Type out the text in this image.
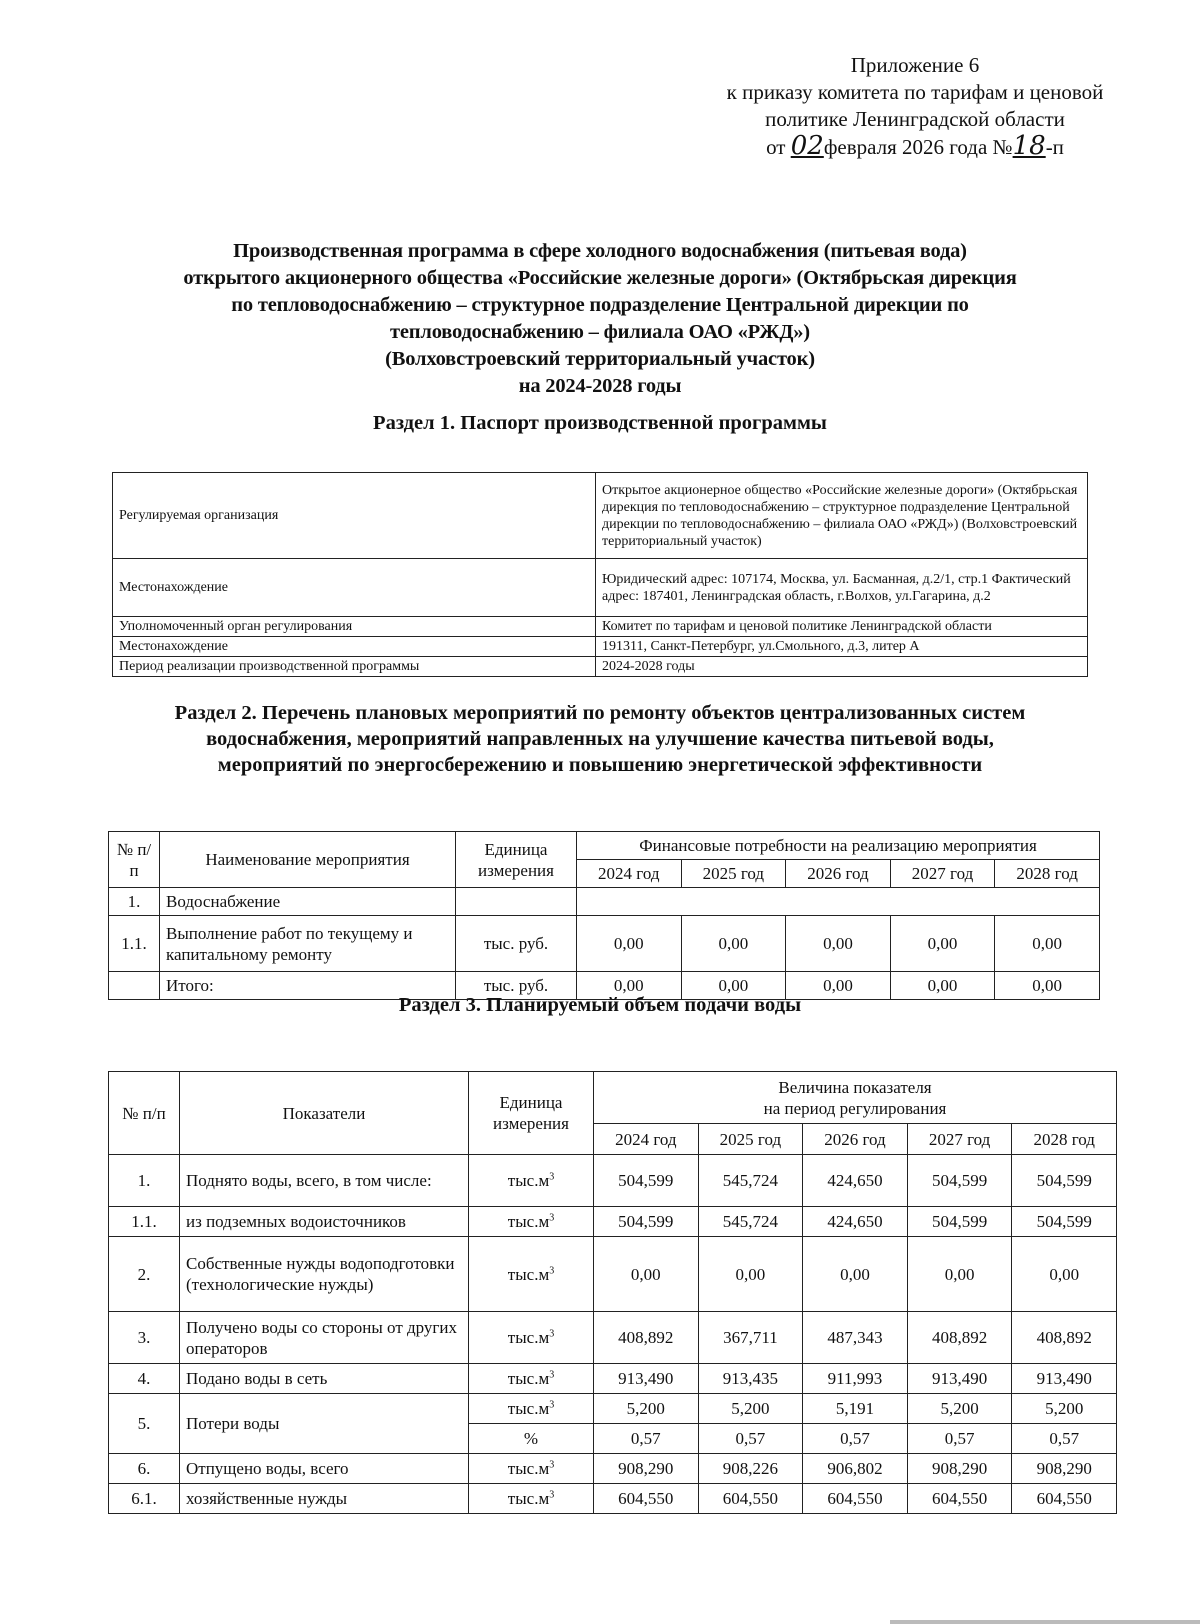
Приложение 6
к приказу комитета по тарифам и ценовой
политике Ленинградской области
от 02февраля 2026 года №18-п
Производственная программа в сфере холодного водоснабжения (питьевая вода)
открытого акционерного общества «Российские железные дороги» (Октябрьская дирекция
по тепловодоснабжению – структурное подразделение Центральной дирекции по
тепловодоснабжению – филиала ОАО «РЖД»)
(Волховстроевский территориальный участок)
на 2024-2028 годы
Раздел 1. Паспорт производственной программы
Регулируемая организация	Открытое акционерное общество «Российские железные дороги» (Октябрьская дирекция по тепловодоснабжению – структурное подразделение Центральной дирекции по тепловодоснабжению – филиала ОАО «РЖД») (Волховстроевский территориальный участок)
Местонахождение	Юридический адрес: 107174, Москва, ул. Басманная, д.2/1, стр.1 Фактический адрес: 187401, Ленинградская область, г.Волхов, ул.Гагарина, д.2
Уполномоченный орган регулирования	Комитет по тарифам и ценовой политике Ленинградской области
Местонахождение	191311, Санкт-Петербург, ул.Смольного, д.3, литер А
Период реализации производственной программы	2024-2028 годы
Раздел 2. Перечень плановых мероприятий по ремонту объектов централизованных систем
водоснабжения, мероприятий направленных на улучшение качества питьевой воды,
мероприятий по энергосбережению и повышению энергетической эффективности
№ п/п	Наименование мероприятия	Единица измерения	Финансовые потребности на реализацию мероприятия				
			2024 год	2025 год	2026 год	2027 год	2028 год
1.	Водоснабжение						
1.1.	Выполнение работ по текущему и капитальному ремонту	тыс. руб.	0,00	0,00	0,00	0,00	0,00
	Итого:	тыс. руб.	0,00	0,00	0,00	0,00	0,00
Раздел 3. Планируемый объем подачи воды
№ п/п	Показатели	Единица измерения	Величина показателя
на период регулирования				

			2024 год	2025 год	2026 год	2027 год	2028 год
1.	Поднято воды, всего, в том числе:	$тыс.м^3$	504,599	545,724	424,650	504,599	504,599
1.1.	из подземных водоисточников	$тыс.м^3$	504,599	545,724	424,650	504,599	504,599
2.	Собственные нужды водоподготовки (технологические нужды)	$тыс.м^3$	0,00	0,00	0,00	0,00	0,00
3.	Получено воды со стороны от других операторов	$тыс.м^3$	408,892	367,711	487,343	408,892	408,892
4.	Подано воды в сеть	$тыс.м^3$	913,490	913,435	911,993	913,490	913,490
5.	Потери воды	$тыс.м^3$	5,200	5,200	5,191	5,200	5,200
		%	0,57	0,57	0,57	0,57	0,57
6.	Отпущено воды, всего	$тыс.м^3$	908,290	908,226	906,802	908,290	908,290
6.1.	хозяйственные нужды	$тыс.м^3$	604,550	604,550	604,550	604,550	604,550
